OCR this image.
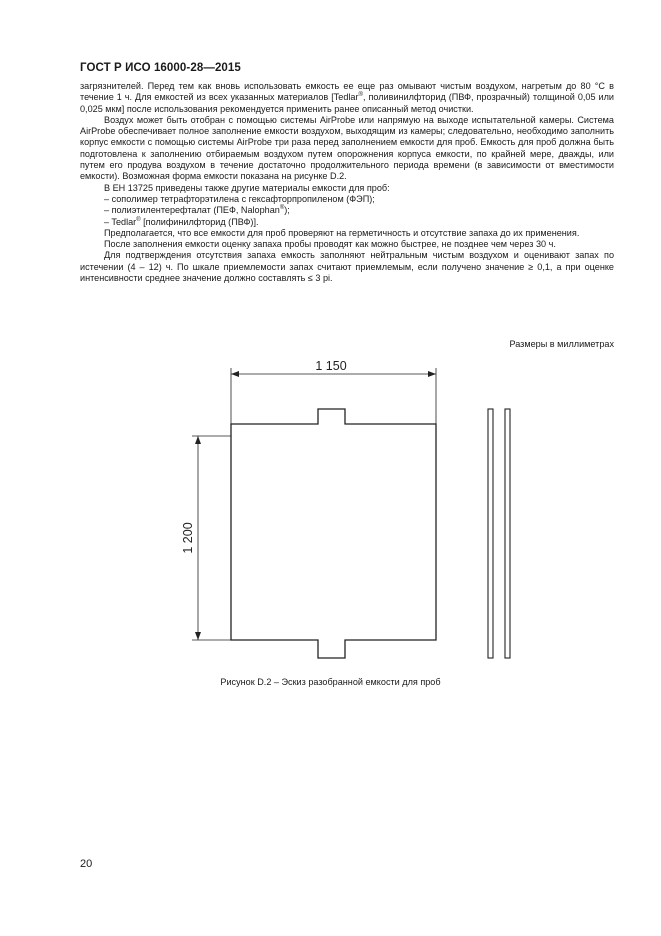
ГОСТ Р ИСО 16000-28—2015

загрязнителей. Перед тем как вновь использовать емкость ее еще раз омывают чистым воздухом, нагретым до 80 °С в течение 1 ч. Для емкостей из всех указанных материалов [Tedlar®, поливинилфторид (ПВФ, прозрачный) толщиной 0,05 или 0,025 мкм] после использования рекомендуется применить ранее описанный метод очистки.

Воздух может быть отобран с помощью системы AirProbe или напрямую на выходе испытательной камеры. Система AirProbe обеспечивает полное заполнение емкости воздухом, выходящим из камеры; следовательно, необходимо заполнить корпус емкости с помощью системы AirProbe три раза перед заполнением емкости для проб. Емкость для проб должна быть подготовлена к заполнению отбираемым воздухом путем опорожнения корпуса емкости, по крайней мере, дважды, или путем его продува воздухом в течение достаточно продолжительного периода времени (в зависимости от вместимости емкости). Возможная форма емкости показана на рисунке D.2.

В ЕН 13725 приведены также другие материалы емкости для проб:

– сополимер тетрафторэтилена с гексафторпропиленом (ФЭП);
– полиэтилентерефталат (ПЕФ, Nalophan®);
– Tedlar® [полифинилфторид (ПВФ)].

Предполагается, что все емкости для проб проверяют на герметичность и отсутствие запаха до их применения.

После заполнения емкости оценку запаха пробы проводят как можно быстрее, не позднее чем через 30 ч.

Для подтверждения отсутствия запаха емкость заполняют нейтральным чистым воздухом и оценивают запах по истечении (4 – 12) ч. По шкале приемлемости запах считают приемлемым, если получено значение ≥ 0,1, а при оценке интенсивности среднее значение должно составлять ≤ 3 pi.

Размеры в миллиметрах
1 150
1 200
Рисунок D.2 – Эскиз разобранной емкости для проб
20
